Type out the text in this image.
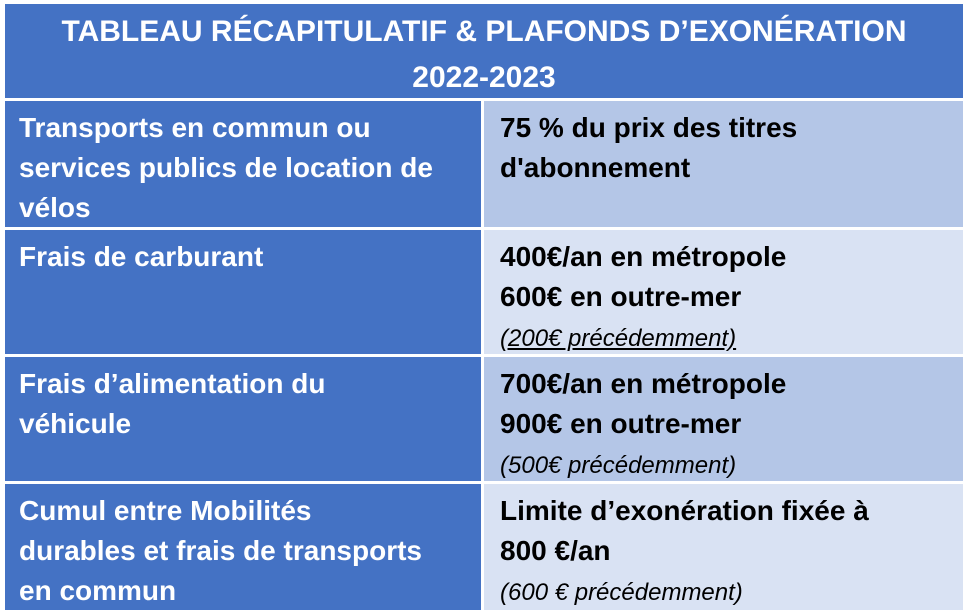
TABLEAU RÉCAPITULATIF & PLAFONDS D’EXONÉRATION
2022-2023
Transports en commun ou
services publics de location de
vélos
75 % du prix des titres
d'abonnement
Frais de carburant	400€/an en métropole
600€ en outre-mer
(200€ précédemment)
Frais d’alimentation du
véhicule
700€/an en métropole
900€ en outre-mer
(500€ précédemment)
Cumul entre Mobilités
durables et frais de transports
en commun
Limite d’exonération fixée à
800 €/an
(600 € précédemment)
